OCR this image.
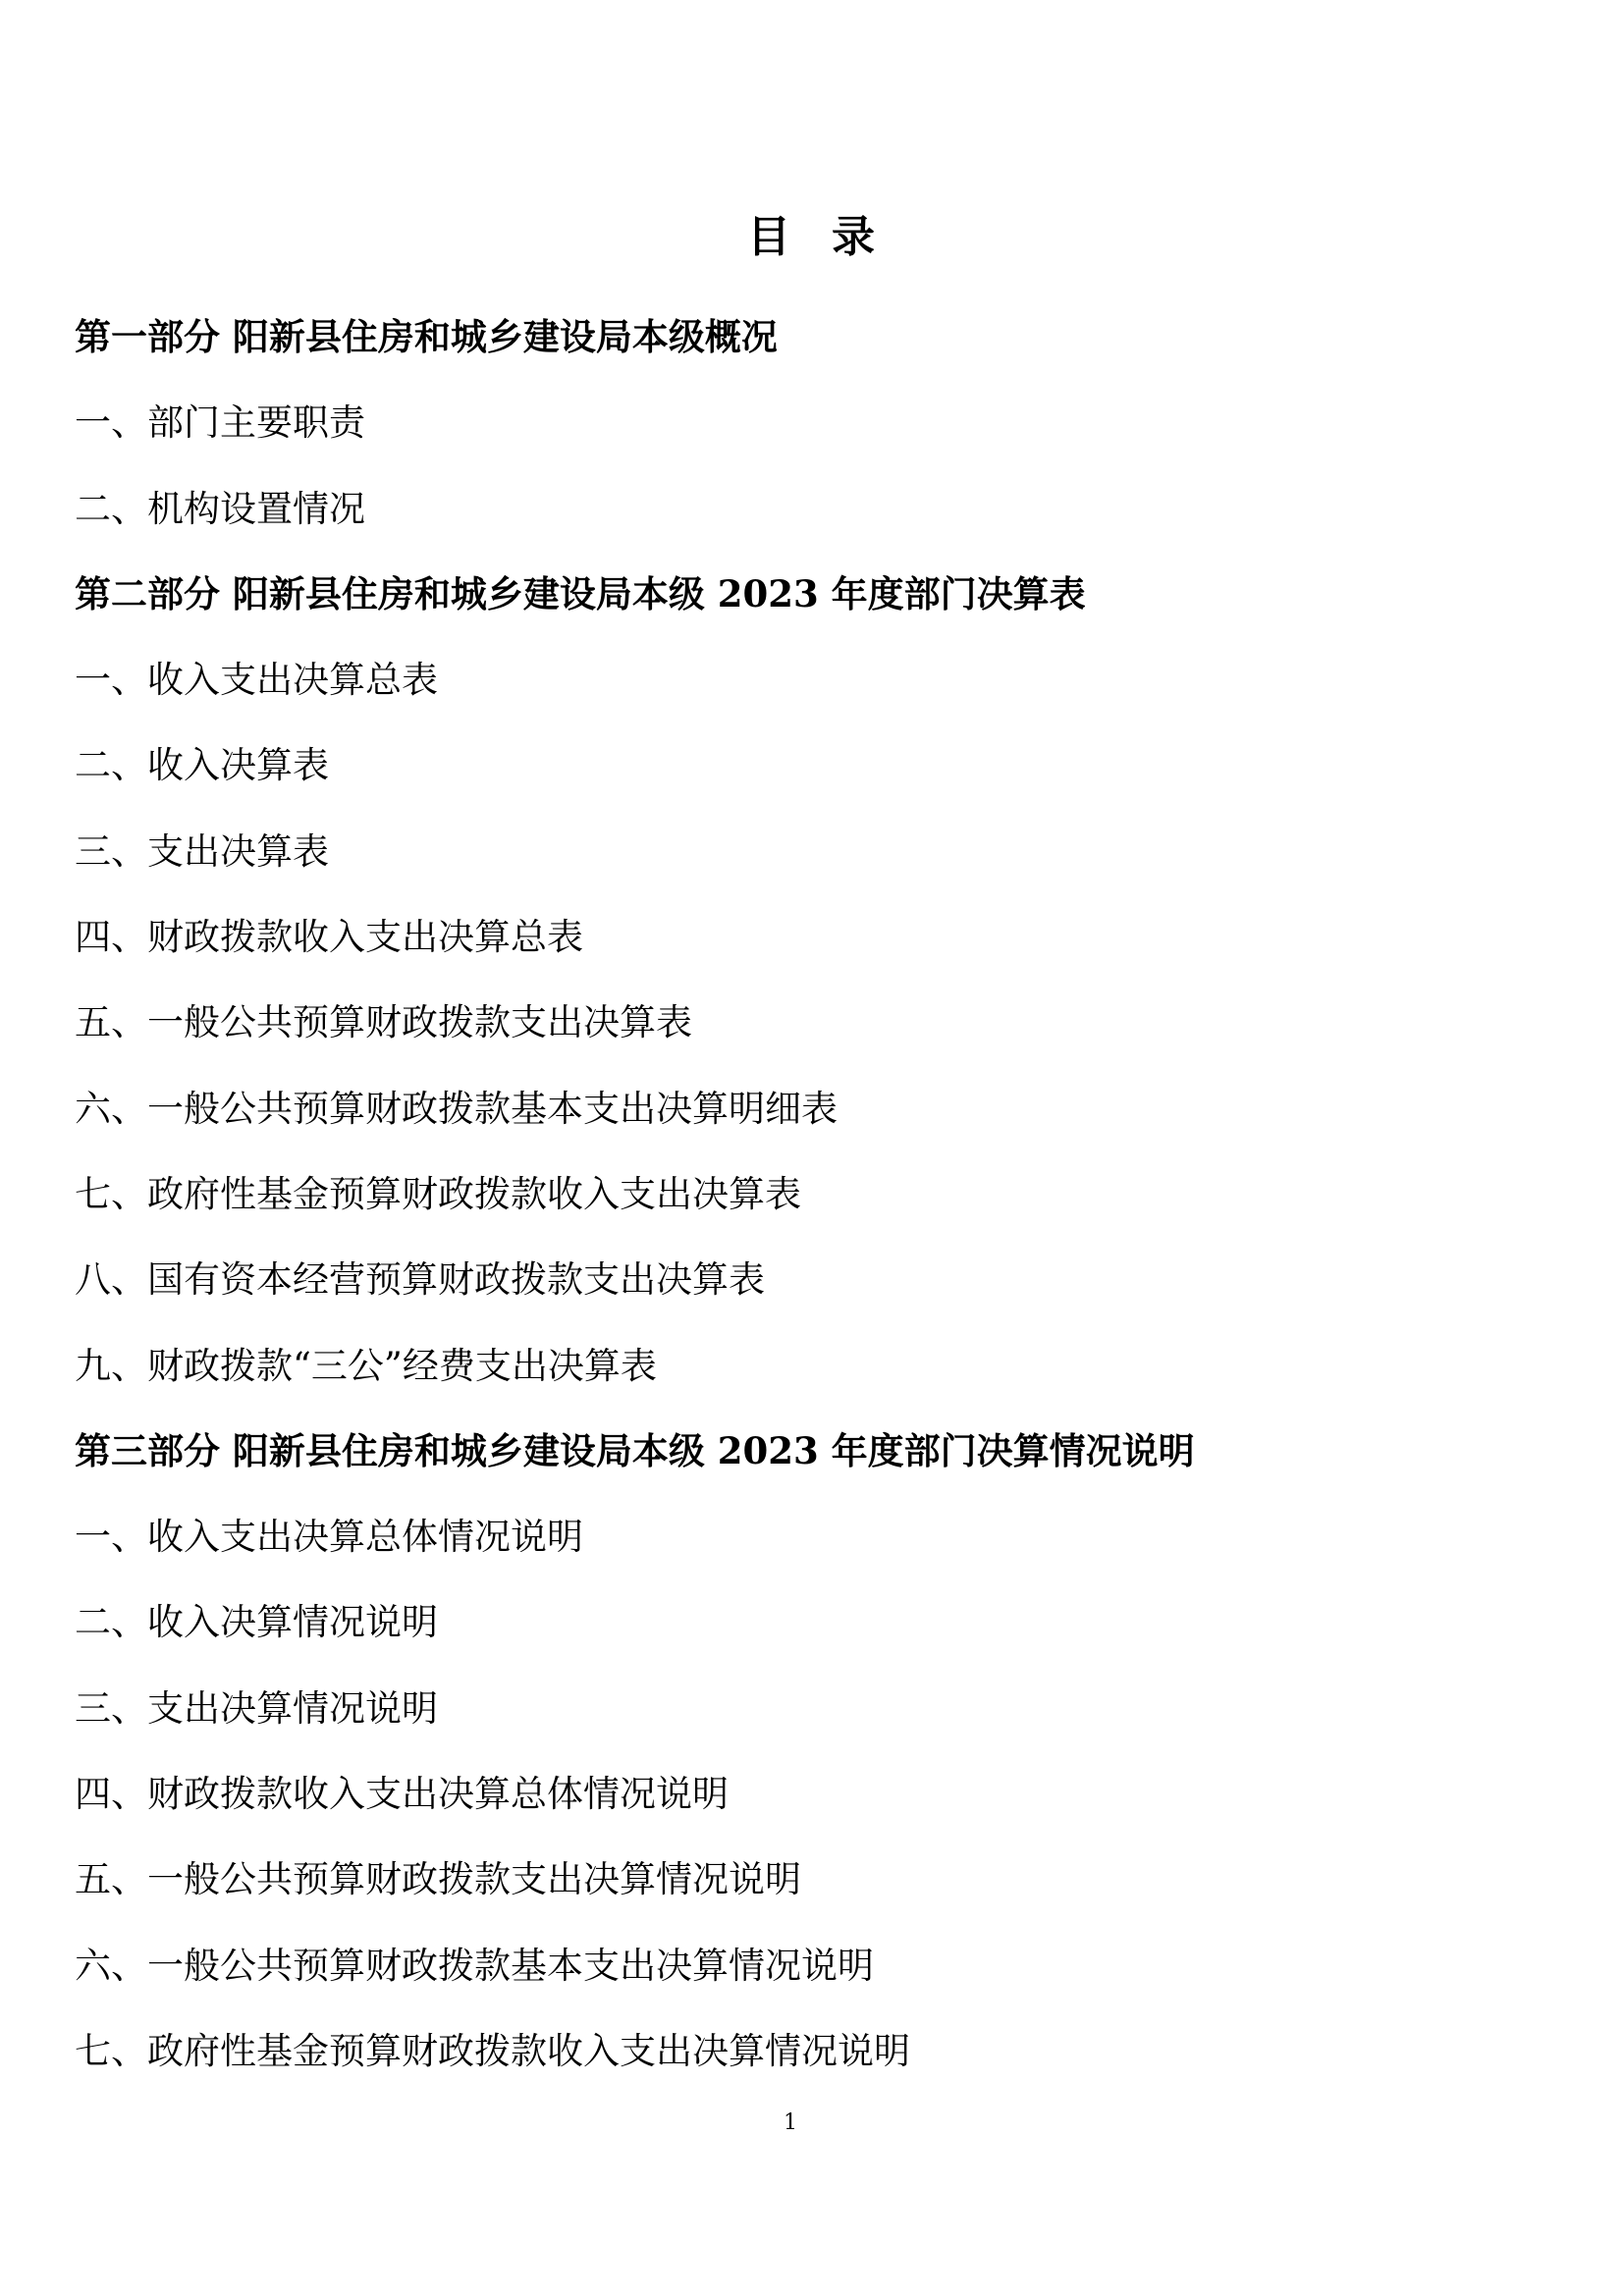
目 录
第一部分 阳新县住房和城乡建设局本级概况
一、部门主要职责
二、机构设置情况
第二部分 阳新县住房和城乡建设局本级 2023 年度部门决算表
一、收入支出决算总表
二、收入决算表
三、支出决算表
四、财政拨款收入支出决算总表
五、一般公共预算财政拨款支出决算表
六、一般公共预算财政拨款基本支出决算明细表
七、政府性基金预算财政拨款收入支出决算表
八、国有资本经营预算财政拨款支出决算表
九、财政拨款“三公”经费支出决算表
第三部分 阳新县住房和城乡建设局本级 2023 年度部门决算情况说明
一、收入支出决算总体情况说明
二、收入决算情况说明
三、支出决算情况说明
四、财政拨款收入支出决算总体情况说明
五、一般公共预算财政拨款支出决算情况说明
六、一般公共预算财政拨款基本支出决算情况说明
七、政府性基金预算财政拨款收入支出决算情况说明
1
